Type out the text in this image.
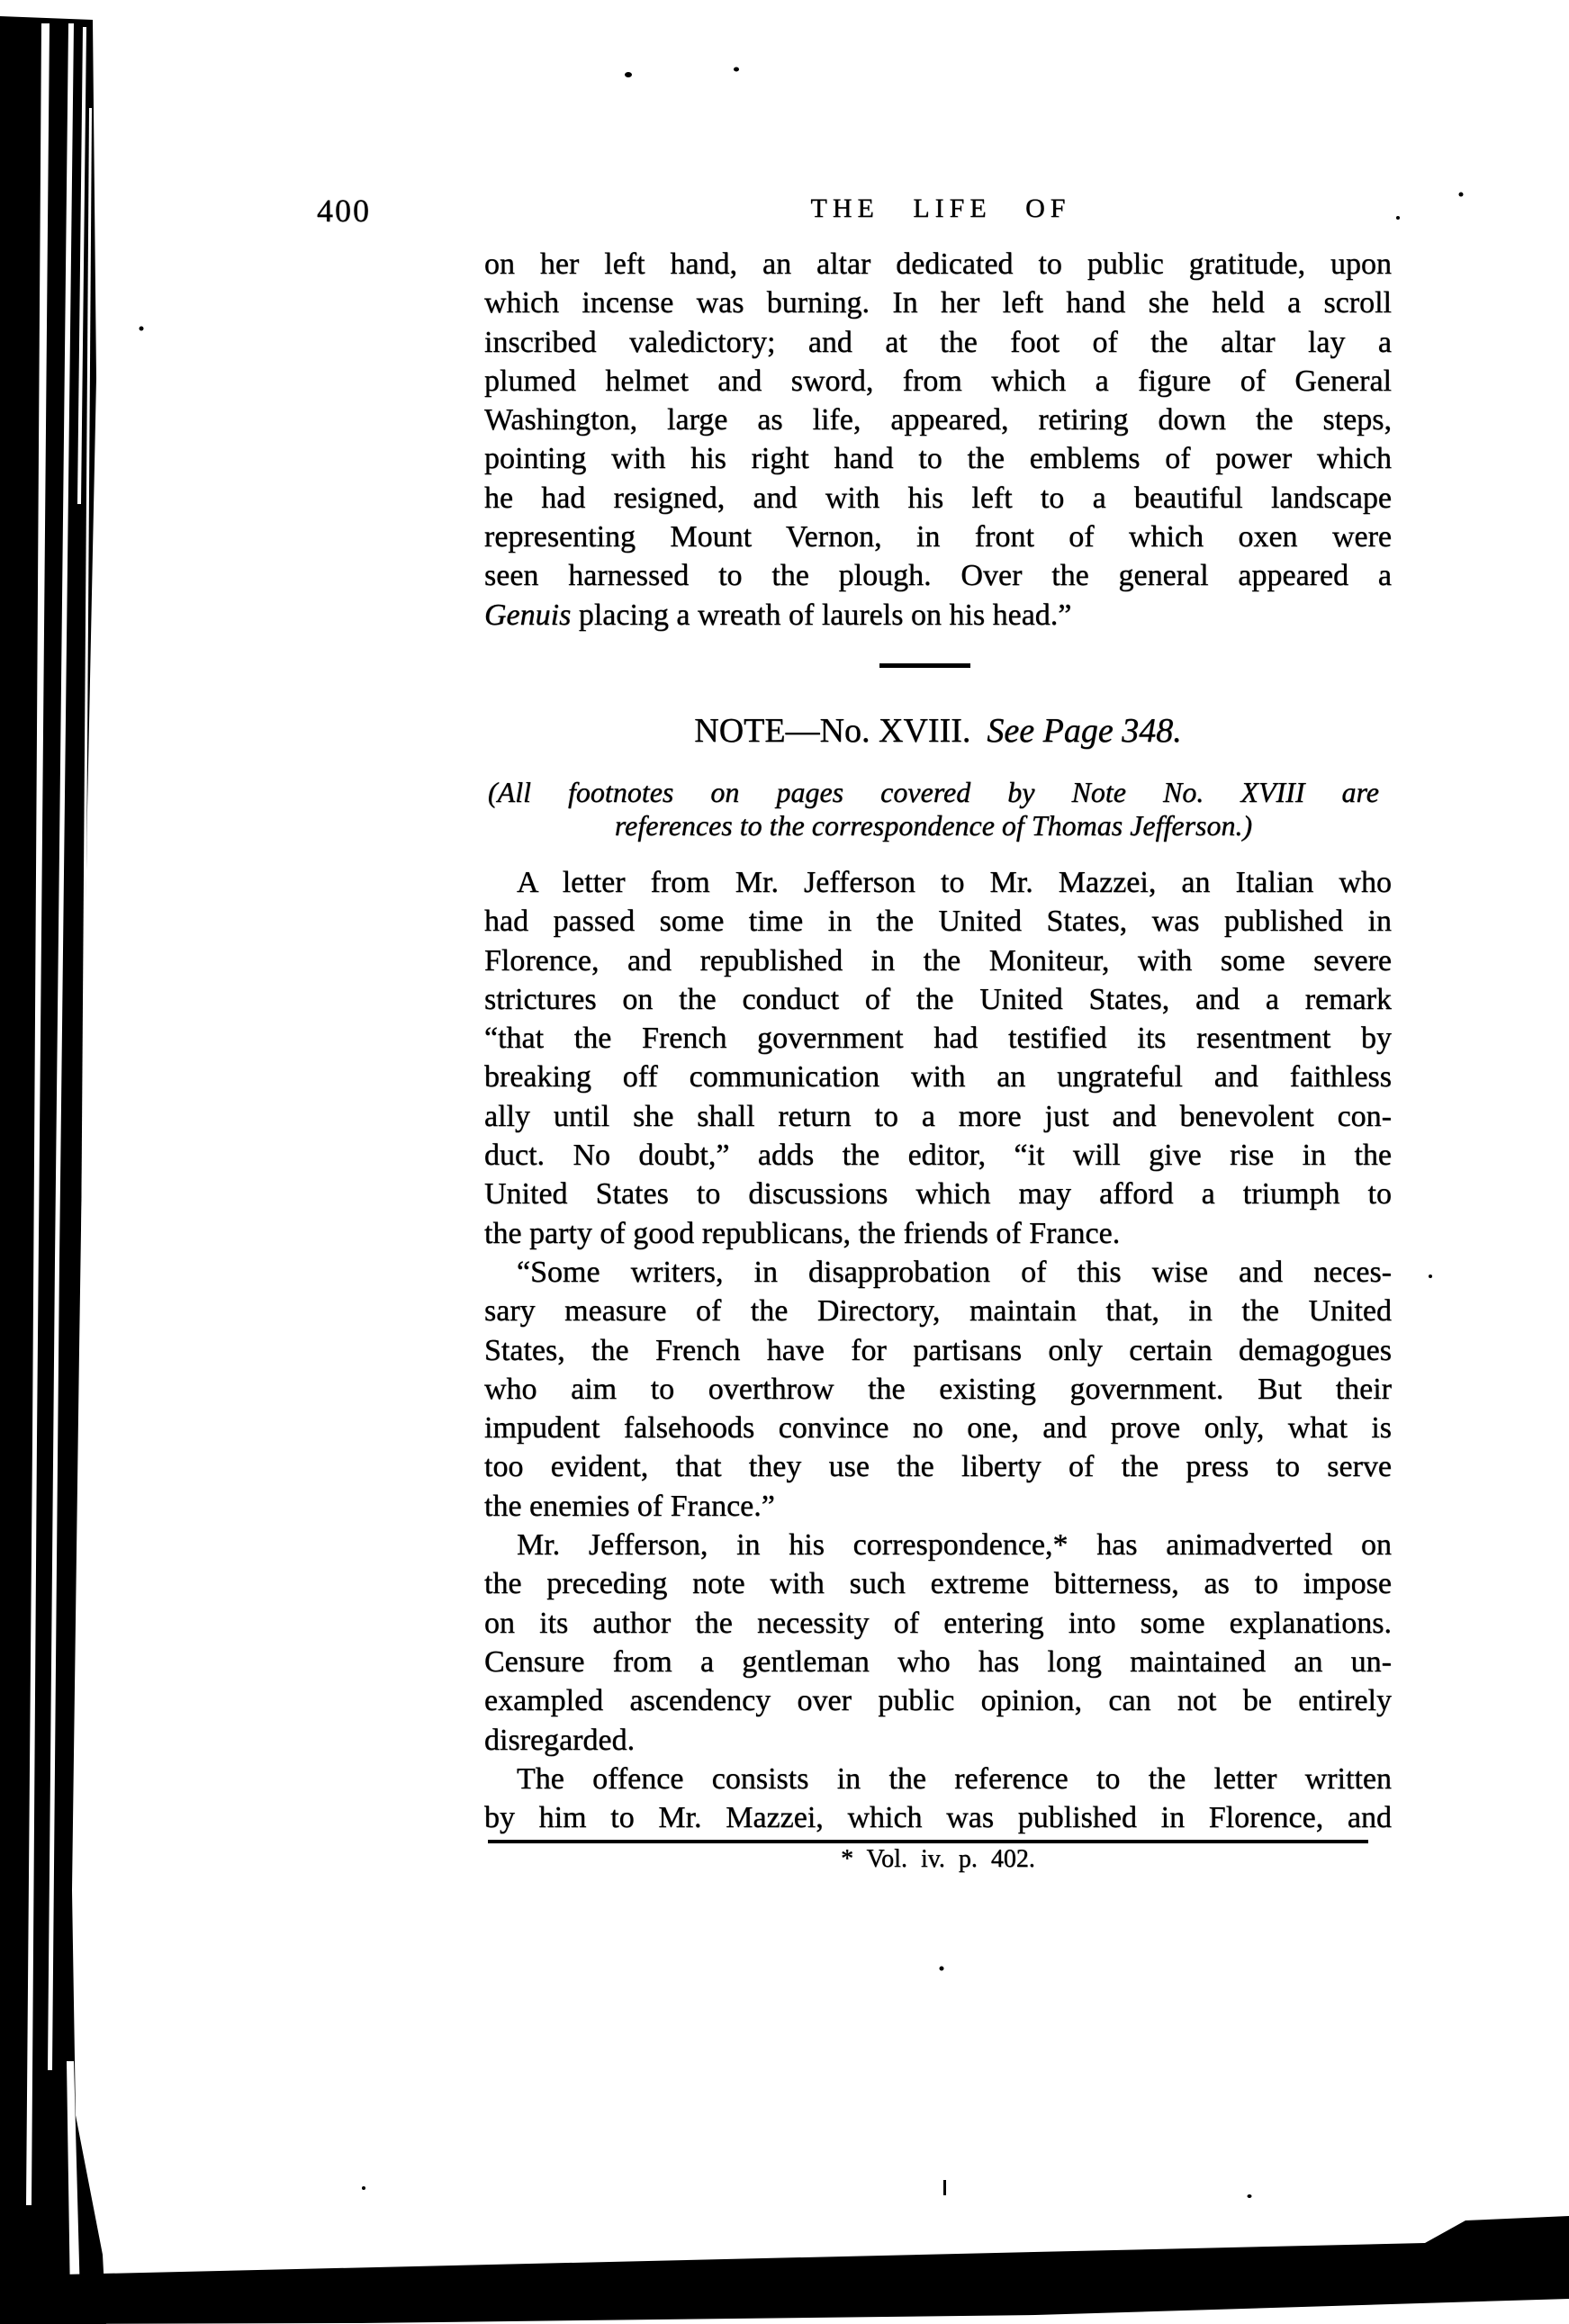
400	THE LIFE OF
on her left hand, an altar dedicated to public gratitude, upon
which incense was burning. In her left hand she held a scroll
inscribed valedictory; and at the foot of the altar lay a
plumed helmet and sword, from which a figure of General
Washington, large as life, appeared, retiring down the steps,
pointing with his right hand to the emblems of power which
he had resigned, and with his left to a beautiful landscape
representing Mount Vernon, in front of which oxen were
seen harnessed to the plough. Over the general appeared a
Genuis placing a wreath of laurels on his head.”
NOTE—No. XVIII. See Page 348.
(All footnotes on pages covered by Note No. XVIII are
references to the correspondence of Thomas Jefferson.)
A letter from Mr. Jefferson to Mr. Mazzei, an Italian who
had passed some time in the United States, was published in
Florence, and republished in the Moniteur, with some severe
strictures on the conduct of the United States, and a remark
“that the French government had testified its resentment by
breaking off communication with an ungrateful and faithless
ally until she shall return to a more just and benevolent con-
duct. No doubt,” adds the editor, “it will give rise in the
United States to discussions which may afford a triumph to
the party of good republicans, the friends of France.
“Some writers, in disapprobation of this wise and neces-
sary measure of the Directory, maintain that, in the United
States, the French have for partisans only certain demagogues
who aim to overthrow the existing government. But their
impudent falsehoods convince no one, and prove only, what is
too evident, that they use the liberty of the press to serve
the enemies of France.”
Mr. Jefferson, in his correspondence,* has animadverted on
the preceding note with such extreme bitterness, as to impose
on its author the necessity of entering into some explanations.
Censure from a gentleman who has long maintained an un-
exampled ascendency over public opinion, can not be entirely
disregarded.
The offence consists in the reference to the letter written
by him to Mr. Mazzei, which was published in Florence, and
* Vol. iv. p. 402.
